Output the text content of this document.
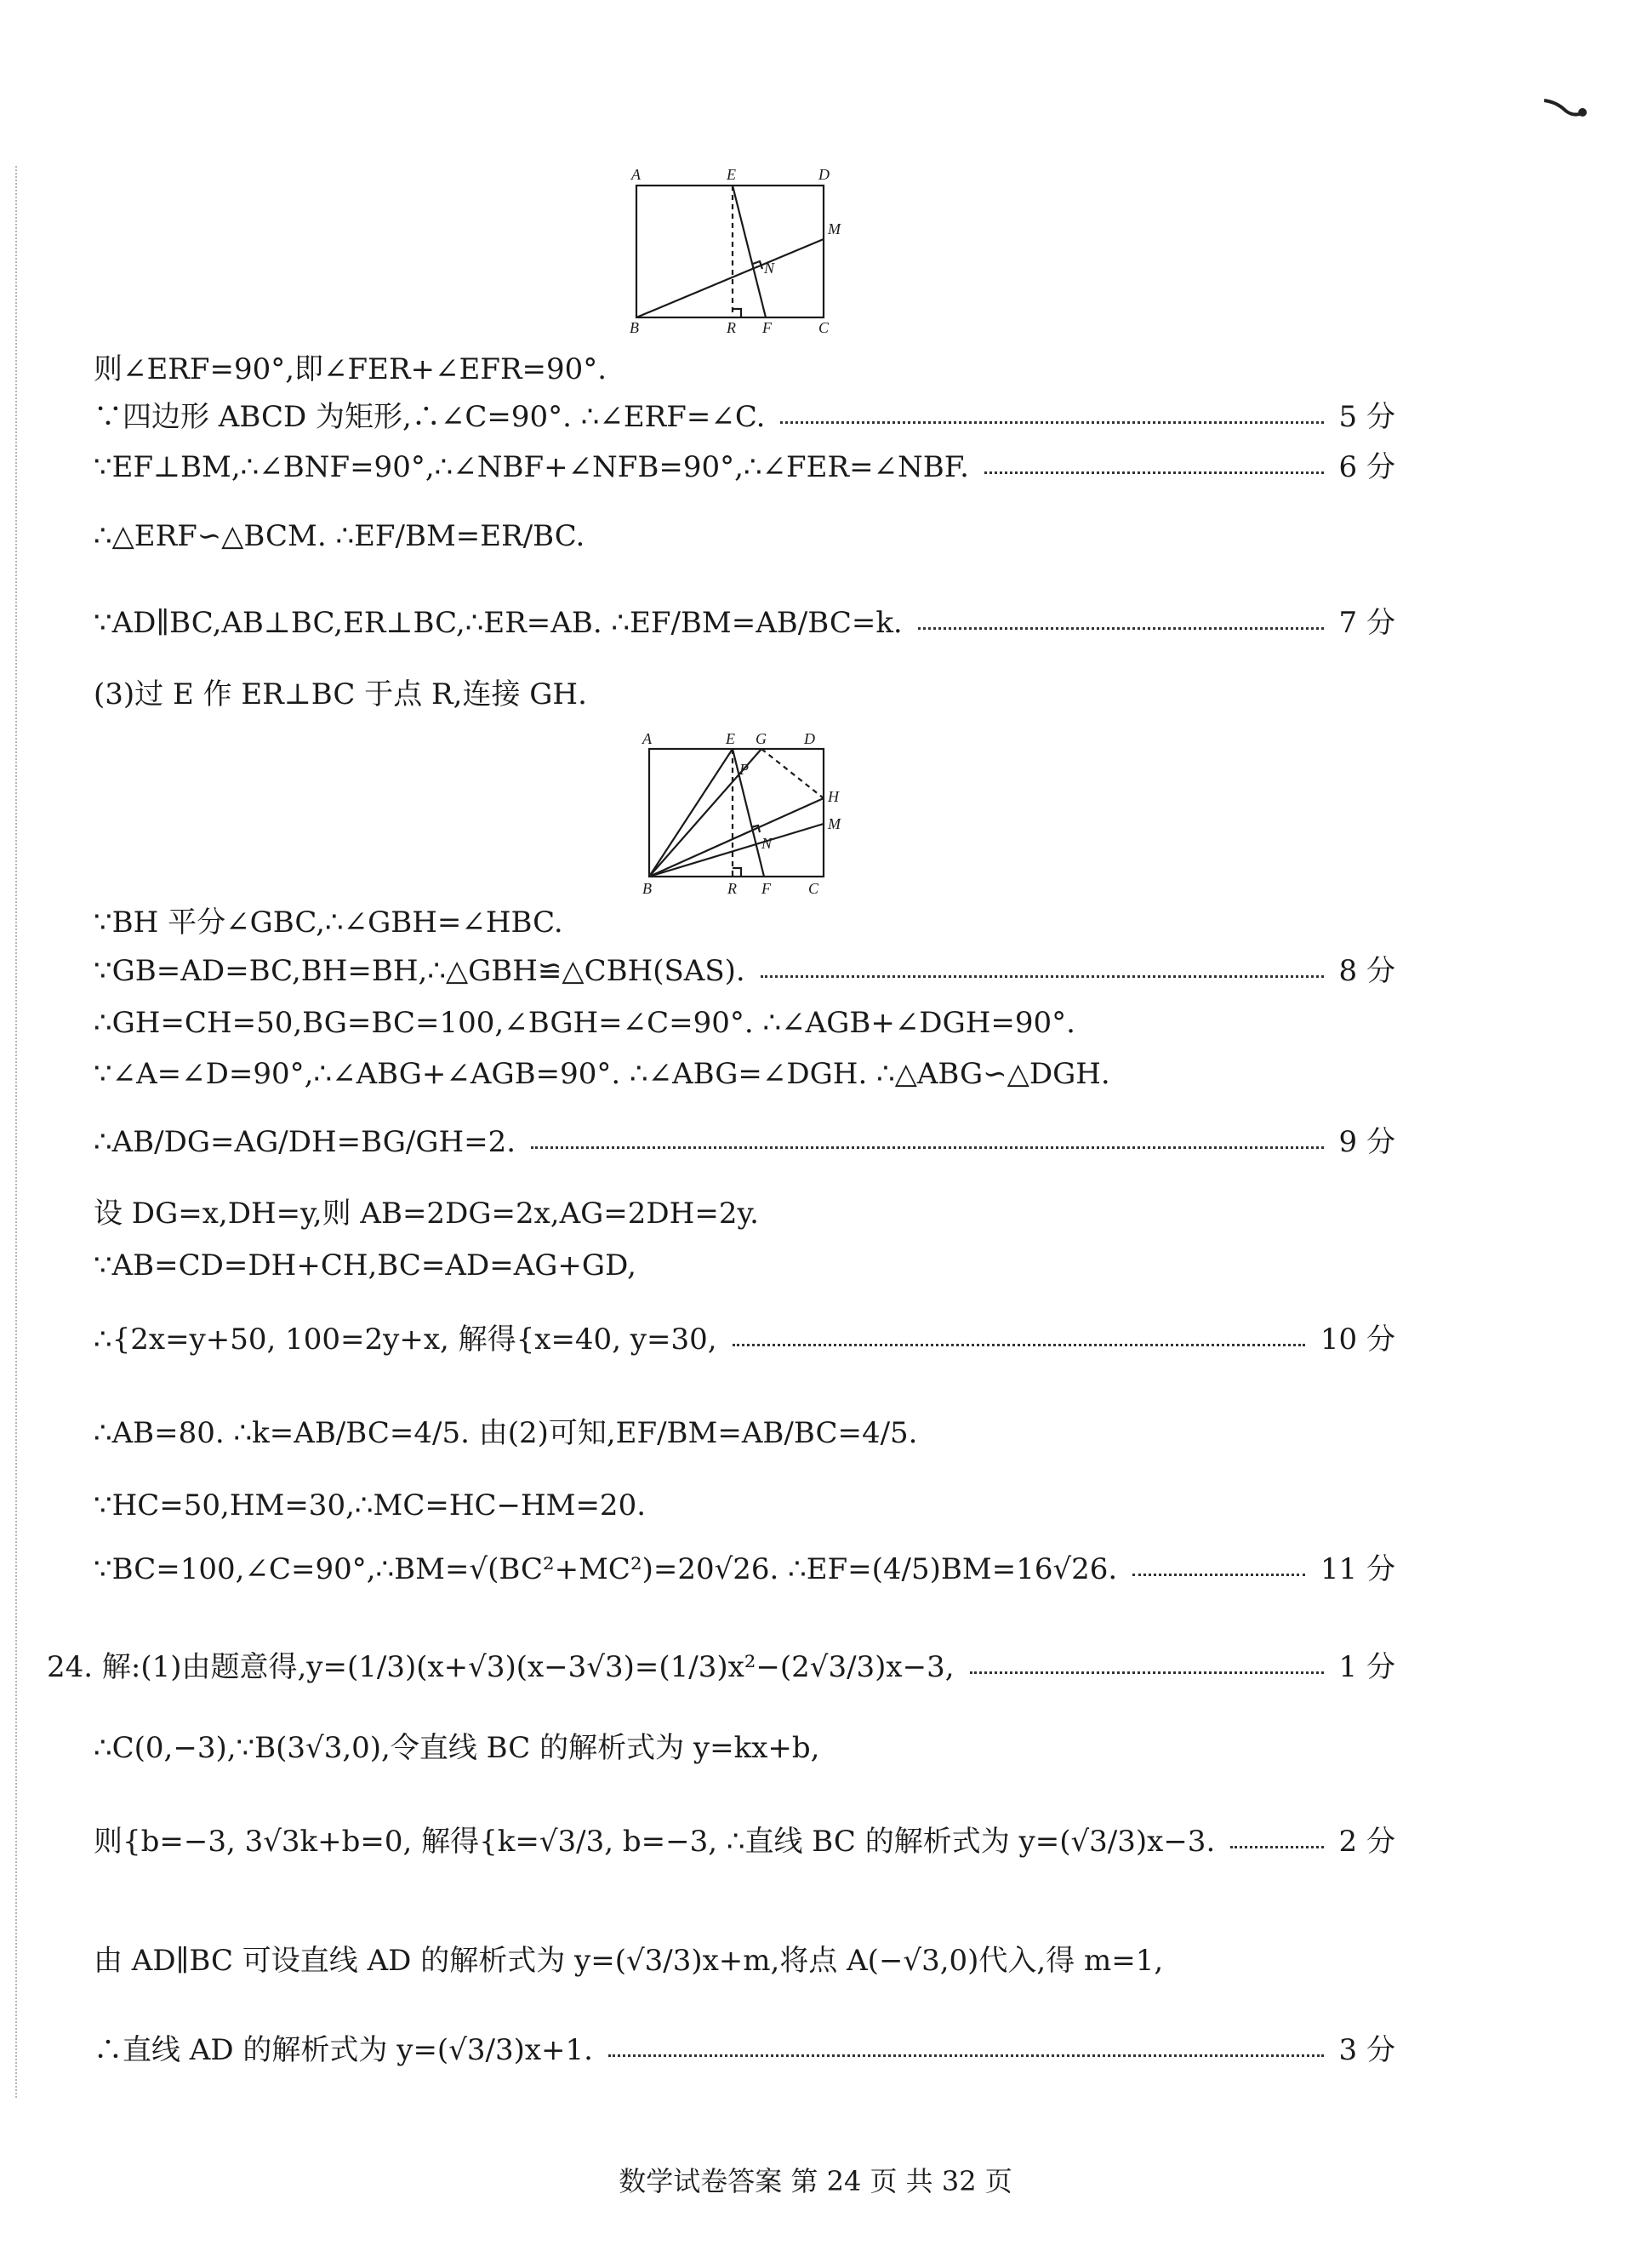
A	E	D
M
N
B	R F	C
则∠ERF=90°,即∠FER+∠EFR=90°.
∵四边形 ABCD 为矩形,∴∠C=90°. ∴∠ERF=∠C.	5 分
∵EF⊥BM,∴∠BNF=90°,∴∠NBF+∠NFB=90°,∴∠FER=∠NBF.	6 分
∴△ERF∽△BCM. ∴EF/BM=ER/BC.
∵AD∥BC,AB⊥BC,ER⊥BC,∴ER=AB. ∴EF/BM=AB/BC=k.	7 分
(3)过 E 作 ER⊥BC 于点 R,连接 GH.
A	E G D
P
H
M
N
B	R F C
∵BH 平分∠GBC,∴∠GBH=∠HBC.
∵GB=AD=BC,BH=BH,∴△GBH≌△CBH(SAS).	8 分
∴GH=CH=50,BG=BC=100,∠BGH=∠C=90°. ∴∠AGB+∠DGH=90°.
∵∠A=∠D=90°,∴∠ABG+∠AGB=90°. ∴∠ABG=∠DGH. ∴△ABG∽△DGH.
∴AB/DG=AG/DH=BG/GH=2.	9 分
设 DG=x,DH=y,则 AB=2DG=2x,AG=2DH=2y.
∵AB=CD=DH+CH,BC=AD=AG+GD,
∴{2x=y+50, 100=2y+x, 解得{x=40, y=30,	10 分
∴AB=80. ∴k=AB/BC=4/5. 由(2)可知,EF/BM=AB/BC=4/5.
∵HC=50,HM=30,∴MC=HC−HM=20.
∵BC=100,∠C=90°,∴BM=√(BC²+MC²)=20√26. ∴EF=(4/5)BM=16√26.	11 分
24. 解:(1)由题意得,y=(1/3)(x+√3)(x−3√3)=(1/3)x²−(2√3/3)x−3,	1 分
∴C(0,−3),∵B(3√3,0),令直线 BC 的解析式为 y=kx+b,
则{b=−3, 3√3k+b=0, 解得{k=√3/3, b=−3, ∴直线 BC 的解析式为 y=(√3/3)x−3.	2 分
由 AD∥BC 可设直线 AD 的解析式为 y=(√3/3)x+m,将点 A(−√3,0)代入,得 m=1,
∴直线 AD 的解析式为 y=(√3/3)x+1.	3 分
数学试卷答案 第 24 页 共 32 页
